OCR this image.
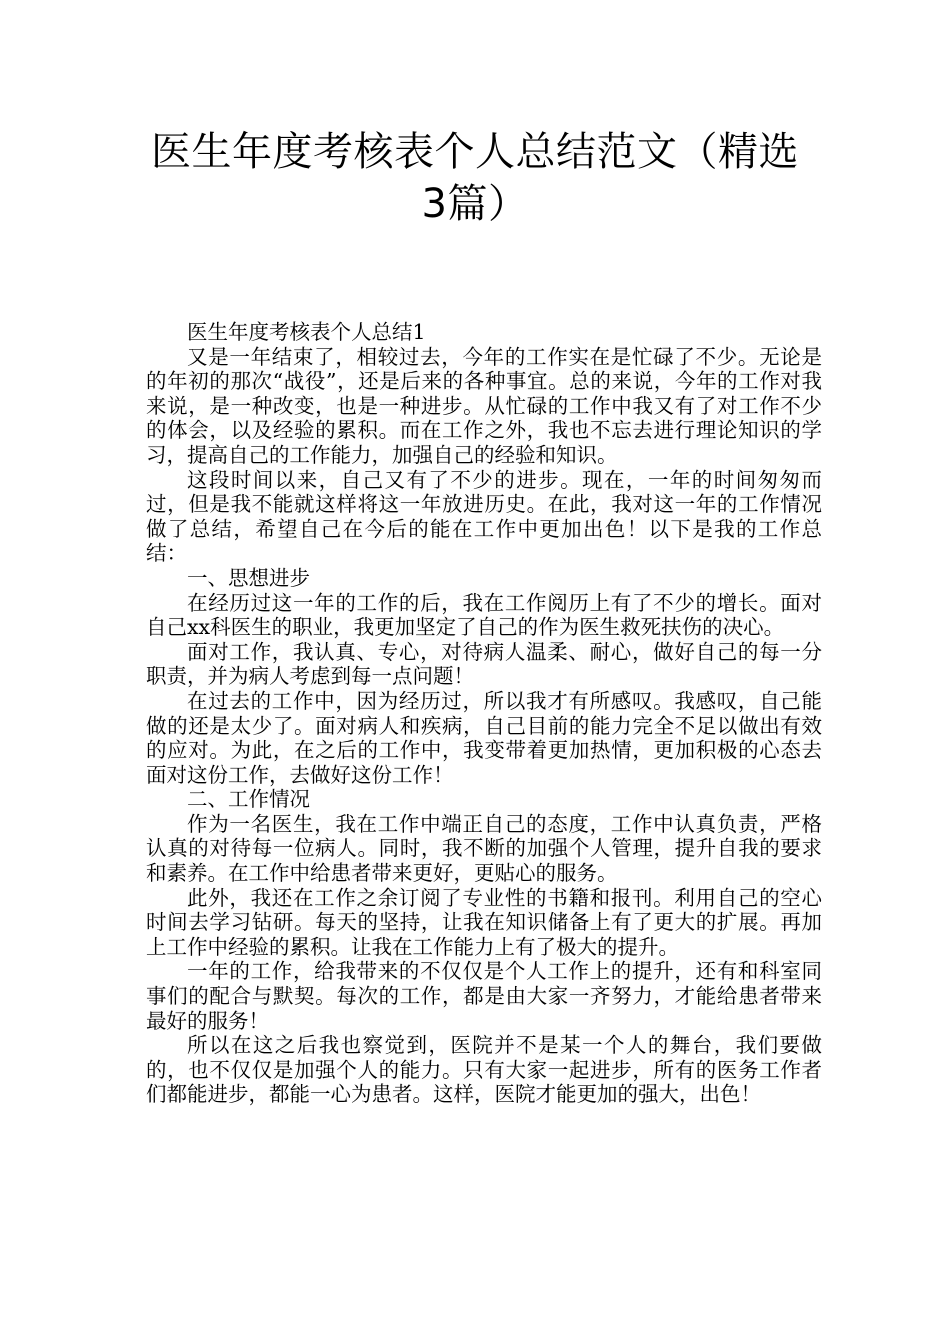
医生年度考核表个人总结范文（精选3篇）

医生年度考核表个人总结1

又是一年结束了，相较过去，今年的工作实在是忙碌了不少。无论是的年初的那次“战役”，还是后来的各种事宜。总的来说，今年的工作对我来说，是一种改变，也是一种进步。从忙碌的工作中我又有了对工作不少的体会，以及经验的累积。而在工作之外，我也不忘去进行理论知识的学习，提高自己的工作能力，加强自己的经验和知识。

这段时间以来，自己又有了不少的进步。现在，一年的时间匆匆而过，但是我不能就这样将这一年放进历史。在此，我对这一年的工作情况做了总结，希望自己在今后的能在工作中更加出色！以下是我的工作总结：

一、思想进步

在经历过这一年的工作的后，我在工作阅历上有了不少的增长。面对自己xx科医生的职业，我更加坚定了自己的作为医生救死扶伤的决心。

面对工作，我认真、专心，对待病人温柔、耐心，做好自己的每一分职责，并为病人考虑到每一点问题！

在过去的工作中，因为经历过，所以我才有所感叹。我感叹，自己能做的还是太少了。面对病人和疾病，自己目前的能力完全不足以做出有效的应对。为此，在之后的工作中，我变带着更加热情，更加积极的心态去面对这份工作，去做好这份工作！

二、工作情况

作为一名医生，我在工作中端正自己的态度，工作中认真负责，严格认真的对待每一位病人。同时，我不断的加强个人管理，提升自我的要求和素养。在工作中给患者带来更好，更贴心的服务。

此外，我还在工作之余订阅了专业性的书籍和报刊。利用自己的空心时间去学习钻研。每天的坚持，让我在知识储备上有了更大的扩展。再加上工作中经验的累积。让我在工作能力上有了极大的提升。

一年的工作，给我带来的不仅仅是个人工作上的提升，还有和科室同事们的配合与默契。每次的工作，都是由大家一齐努力，才能给患者带来最好的服务！

所以在这之后我也察觉到，医院并不是某一个人的舞台，我们要做的，也不仅仅是加强个人的能力。只有大家一起进步，所有的医务工作者们都能进步，都能一心为患者。这样，医院才能更加的强大，出色！
